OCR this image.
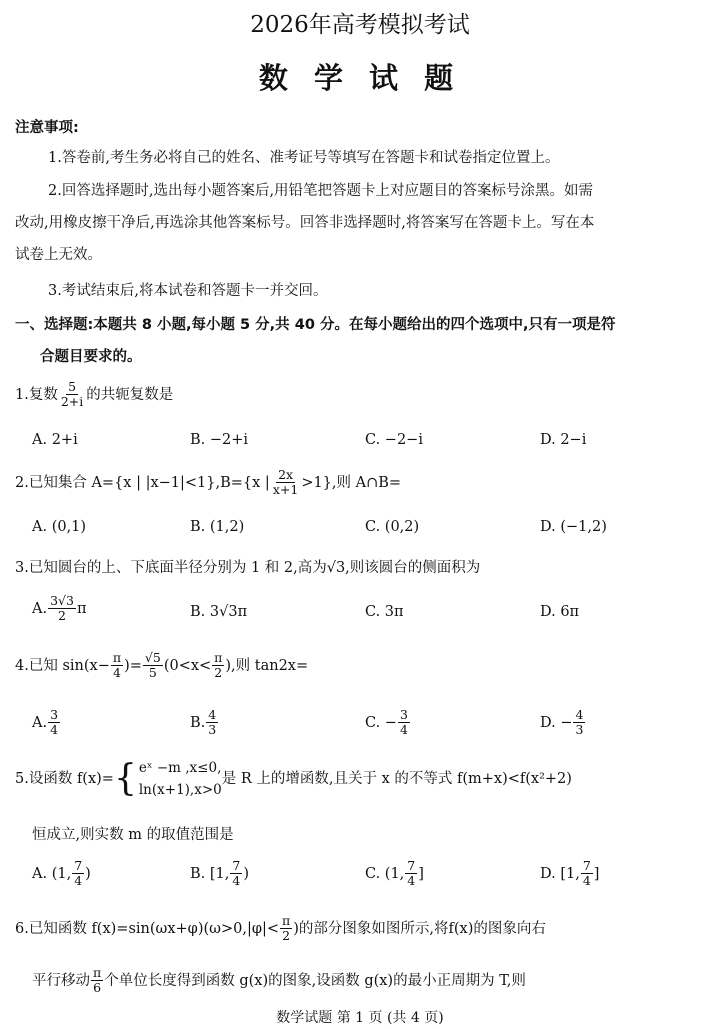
2026年高考模拟考试
数 学 试 题
注意事项:
1.答卷前,考生务必将自己的姓名、准考证号等填写在答题卡和试卷指定位置上。
2.回答选择题时,选出每小题答案后,用铅笔把答题卡上对应题目的答案标号涂黑。如需
改动,用橡皮擦干净后,再选涂其他答案标号。回答非选择题时,将答案写在答题卡上。写在本
试卷上无效。
3.考试结束后,将本试卷和答题卡一并交回。
一、选择题:本题共 8 小题,每小题 5 分,共 40 分。在每小题给出的四个选项中,只有一项是符
合题目要求的。
1.复数 $\frac{5}{2+i}$ 的共轭复数是
A. 2+i	B. −2+i	C. −2−i	D. 2−i
2.已知集合 A={x | |x−1|<1},B={x | $\frac{2x}{x+1} >1$},则 A∩B=
A. (0,1)	B. (1,2)	C. (0,2)	D. (−1,2)
3.已知圆台的上、下底面半径分别为 1 和 2,高为√3,则该圆台的侧面积为
A. $\frac{3√3}{2}$ π	B. 3√3π	C. 3π	D. 6π
4.已知 $\sin(x- \frac{\pi}{4}$ )= $\frac{√5}{5} (0<x< \frac{\pi}{2}$ ),则 tan2x=
A. $\frac{3}{4}$	B. $\frac{4}{3}$	C. − $\frac{3}{4}$	D. − $\frac{4}{3}$
5.设函数 f(x)= { eˣ −m ,x≤0,
ln(x+1),x>0
是 R 上的增函数,且关于 x 的不等式 f(m+x)<f(x²+2)
恒成立,则实数 m 的取值范围是
A. (1, $\frac{7}{4}$ )	B. [1, $\frac{7}{4}$ )	C. (1, $\frac{7}{4}$ ]	D. [1, $\frac{7}{4}$ ]
6.已知函数 $f(x)=\sin(\omega x+\varphi)(\omega>0,|\varphi|< \frac{\pi}{2}$ )的部分图象如图所示,将f(x)的图象向右
平行移动 $\frac{\pi}{6}$ 个单位长度得到函数 g(x)的图象,设函数 g(x)的最小正周期为 T,则
数学试题 第 1 页 (共 4 页)
